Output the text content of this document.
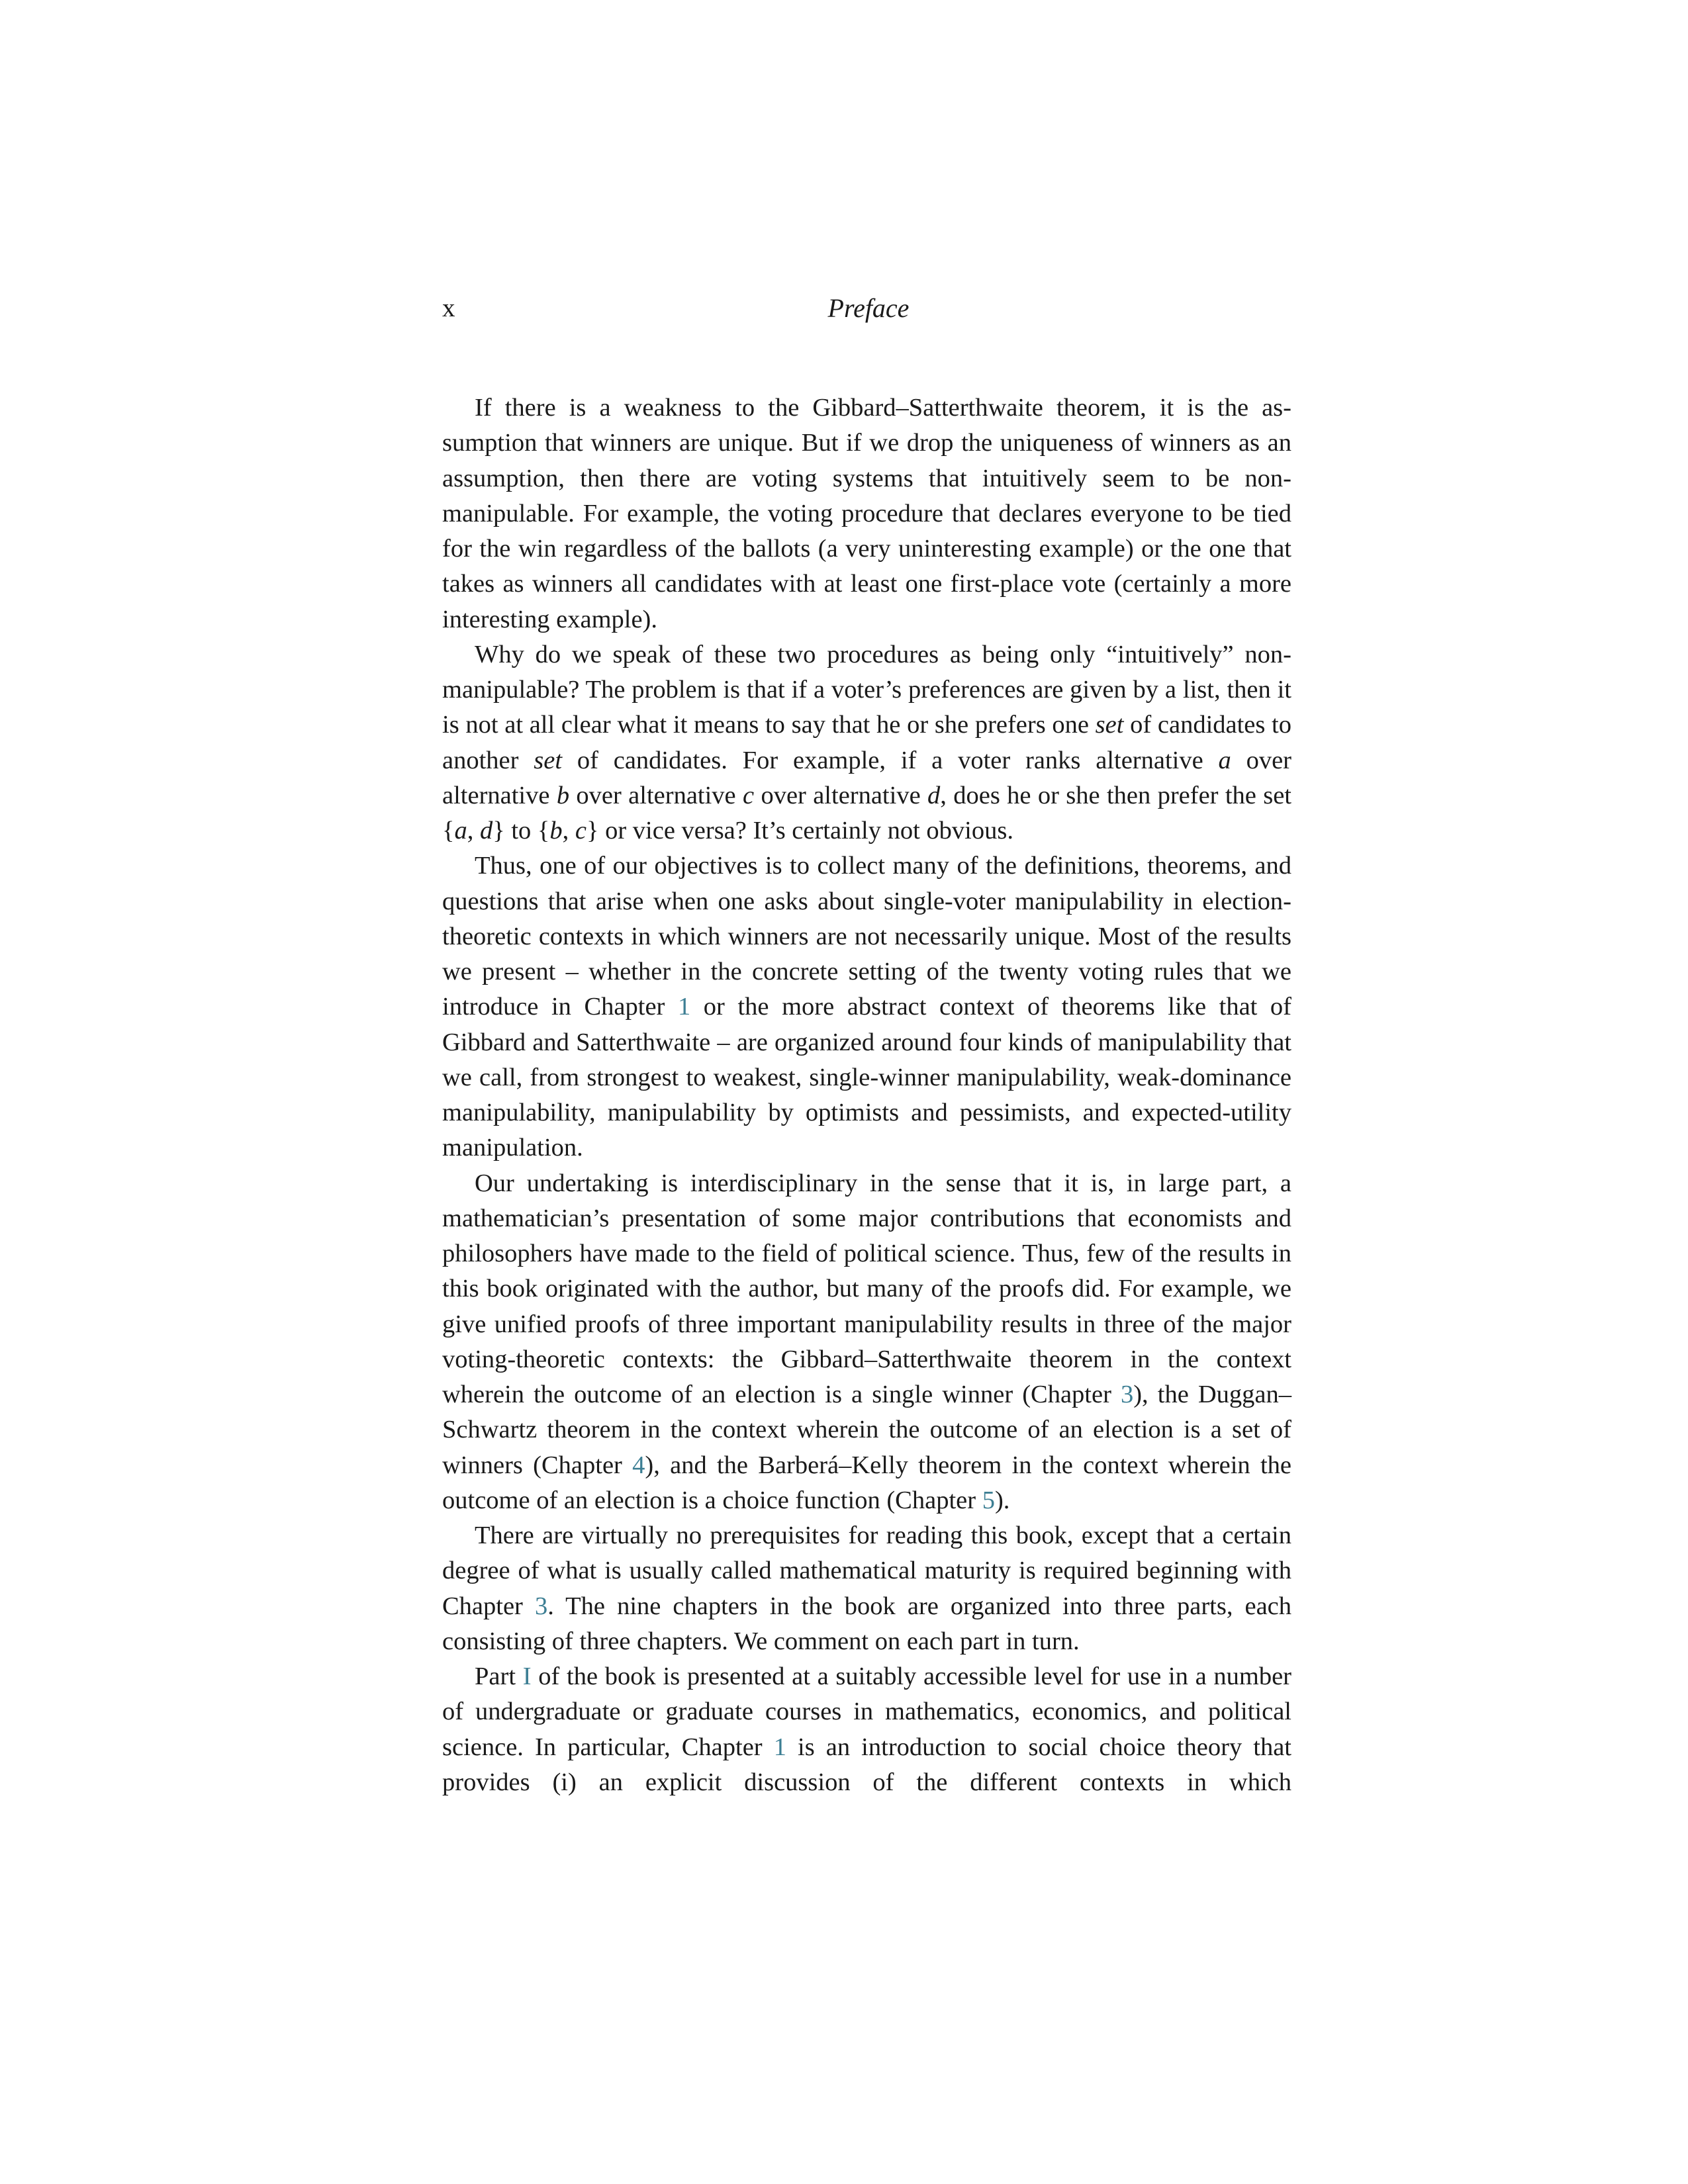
x	Preface

If there is a weakness to the Gibbard–Satterthwaite theorem, it is the assumption that winners are unique. But if we drop the uniqueness of winners as an assumption, then there are voting systems that intuitively seem to be non-manipulable. For example, the voting procedure that declares everyone to be tied for the win regardless of the ballots (a very uninteresting example) or the one that takes as winners all candidates with at least one first-place vote (certainly a more interesting example).

Why do we speak of these two procedures as being only “intuitively” non-manipulable? The problem is that if a voter’s preferences are given by a list, then it is not at all clear what it means to say that he or she prefers one set of candidates to another set of candidates. For example, if a voter ranks alternative a over alternative b over alternative c over alternative d, does he or she then prefer the set {a, d} to {b, c} or vice versa? It’s certainly not obvious.

Thus, one of our objectives is to collect many of the definitions, theorems, and questions that arise when one asks about single-voter manipulability in election-theoretic contexts in which winners are not necessarily unique. Most of the results we present – whether in the concrete setting of the twenty voting rules that we introduce in Chapter 1 or the more abstract context of theorems like that of Gibbard and Satterthwaite – are organized around four kinds of manipulability that we call, from strongest to weakest, single-winner manipulability, weak-dominance manipulability, manipulability by optimists and pessimists, and expected-utility manipulation.

Our undertaking is interdisciplinary in the sense that it is, in large part, a mathematician’s presentation of some major contributions that economists and philosophers have made to the field of political science. Thus, few of the results in this book originated with the author, but many of the proofs did. For example, we give unified proofs of three important manipulability results in three of the major voting-theoretic contexts: the Gibbard–Satterthwaite theorem in the context wherein the outcome of an election is a single winner (Chapter 3), the Duggan–Schwartz theorem in the context wherein the outcome of an election is a set of winners (Chapter 4), and the Barberá–Kelly theorem in the context wherein the outcome of an election is a choice function (Chapter 5).

There are virtually no prerequisites for reading this book, except that a certain degree of what is usually called mathematical maturity is required beginning with Chapter 3. The nine chapters in the book are organized into three parts, each consisting of three chapters. We comment on each part in turn.

Part I of the book is presented at a suitably accessible level for use in a number of undergraduate or graduate courses in mathematics, economics, and political science. In particular, Chapter 1 is an introduction to social choice theory that provides (i) an explicit discussion of the different contexts in which
